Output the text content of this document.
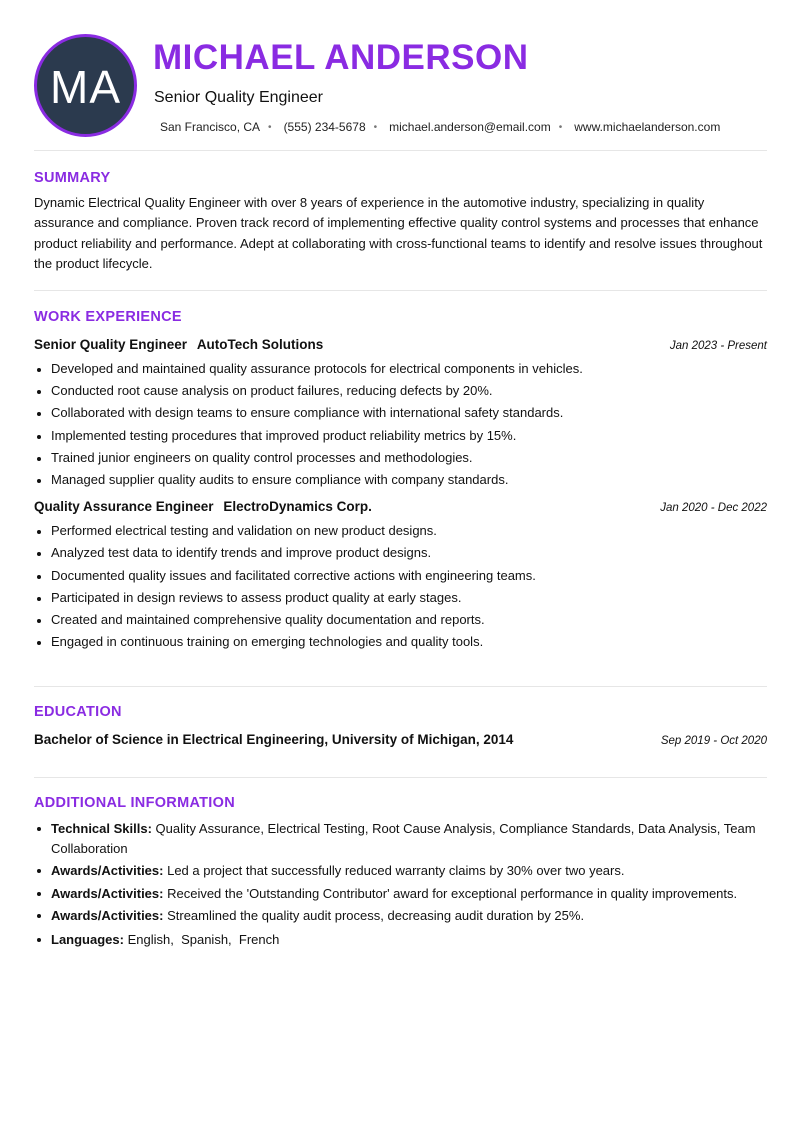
MA
MICHAEL ANDERSON
Senior Quality Engineer
San Francisco, CA • (555) 234-5678 • michael.anderson@email.com • www.michaelanderson.com
SUMMARY

Dynamic Electrical Quality Engineer with over 8 years of experience in the automotive industry, specializing in quality assurance and compliance. Proven track record of implementing effective quality control systems and processes that enhance product reliability and performance. Adept at collaborating with cross-functional teams to identify and resolve issues throughout the product lifecycle.

WORK EXPERIENCE
Senior Quality Engineer AutoTech Solutions	Jan 2023 - Present
Developed and maintained quality assurance protocols for electrical components in vehicles.
Conducted root cause analysis on product failures, reducing defects by 20%.
Collaborated with design teams to ensure compliance with international safety standards.
Implemented testing procedures that improved product reliability metrics by 15%.
Trained junior engineers on quality control processes and methodologies.
Managed supplier quality audits to ensure compliance with company standards.
Quality Assurance Engineer ElectroDynamics Corp.	Jan 2020 - Dec 2022
Performed electrical testing and validation on new product designs.
Analyzed test data to identify trends and improve product designs.
Documented quality issues and facilitated corrective actions with engineering teams.
Participated in design reviews to assess product quality at early stages.
Created and maintained comprehensive quality documentation and reports.
Engaged in continuous training on emerging technologies and quality tools.
EDUCATION
Bachelor of Science in Electrical Engineering, University of Michigan, 2014	Sep 2019 - Oct 2020
ADDITIONAL INFORMATION
Technical Skills: Quality Assurance, Electrical Testing, Root Cause Analysis, Compliance Standards, Data Analysis, Team Collaboration
Awards/Activities: Led a project that successfully reduced warranty claims by 30% over two years.
Awards/Activities: Received the 'Outstanding Contributor' award for exceptional performance in quality improvements.
Awards/Activities: Streamlined the quality audit process, decreasing audit duration by 25%.
Languages: English,  Spanish,  French
